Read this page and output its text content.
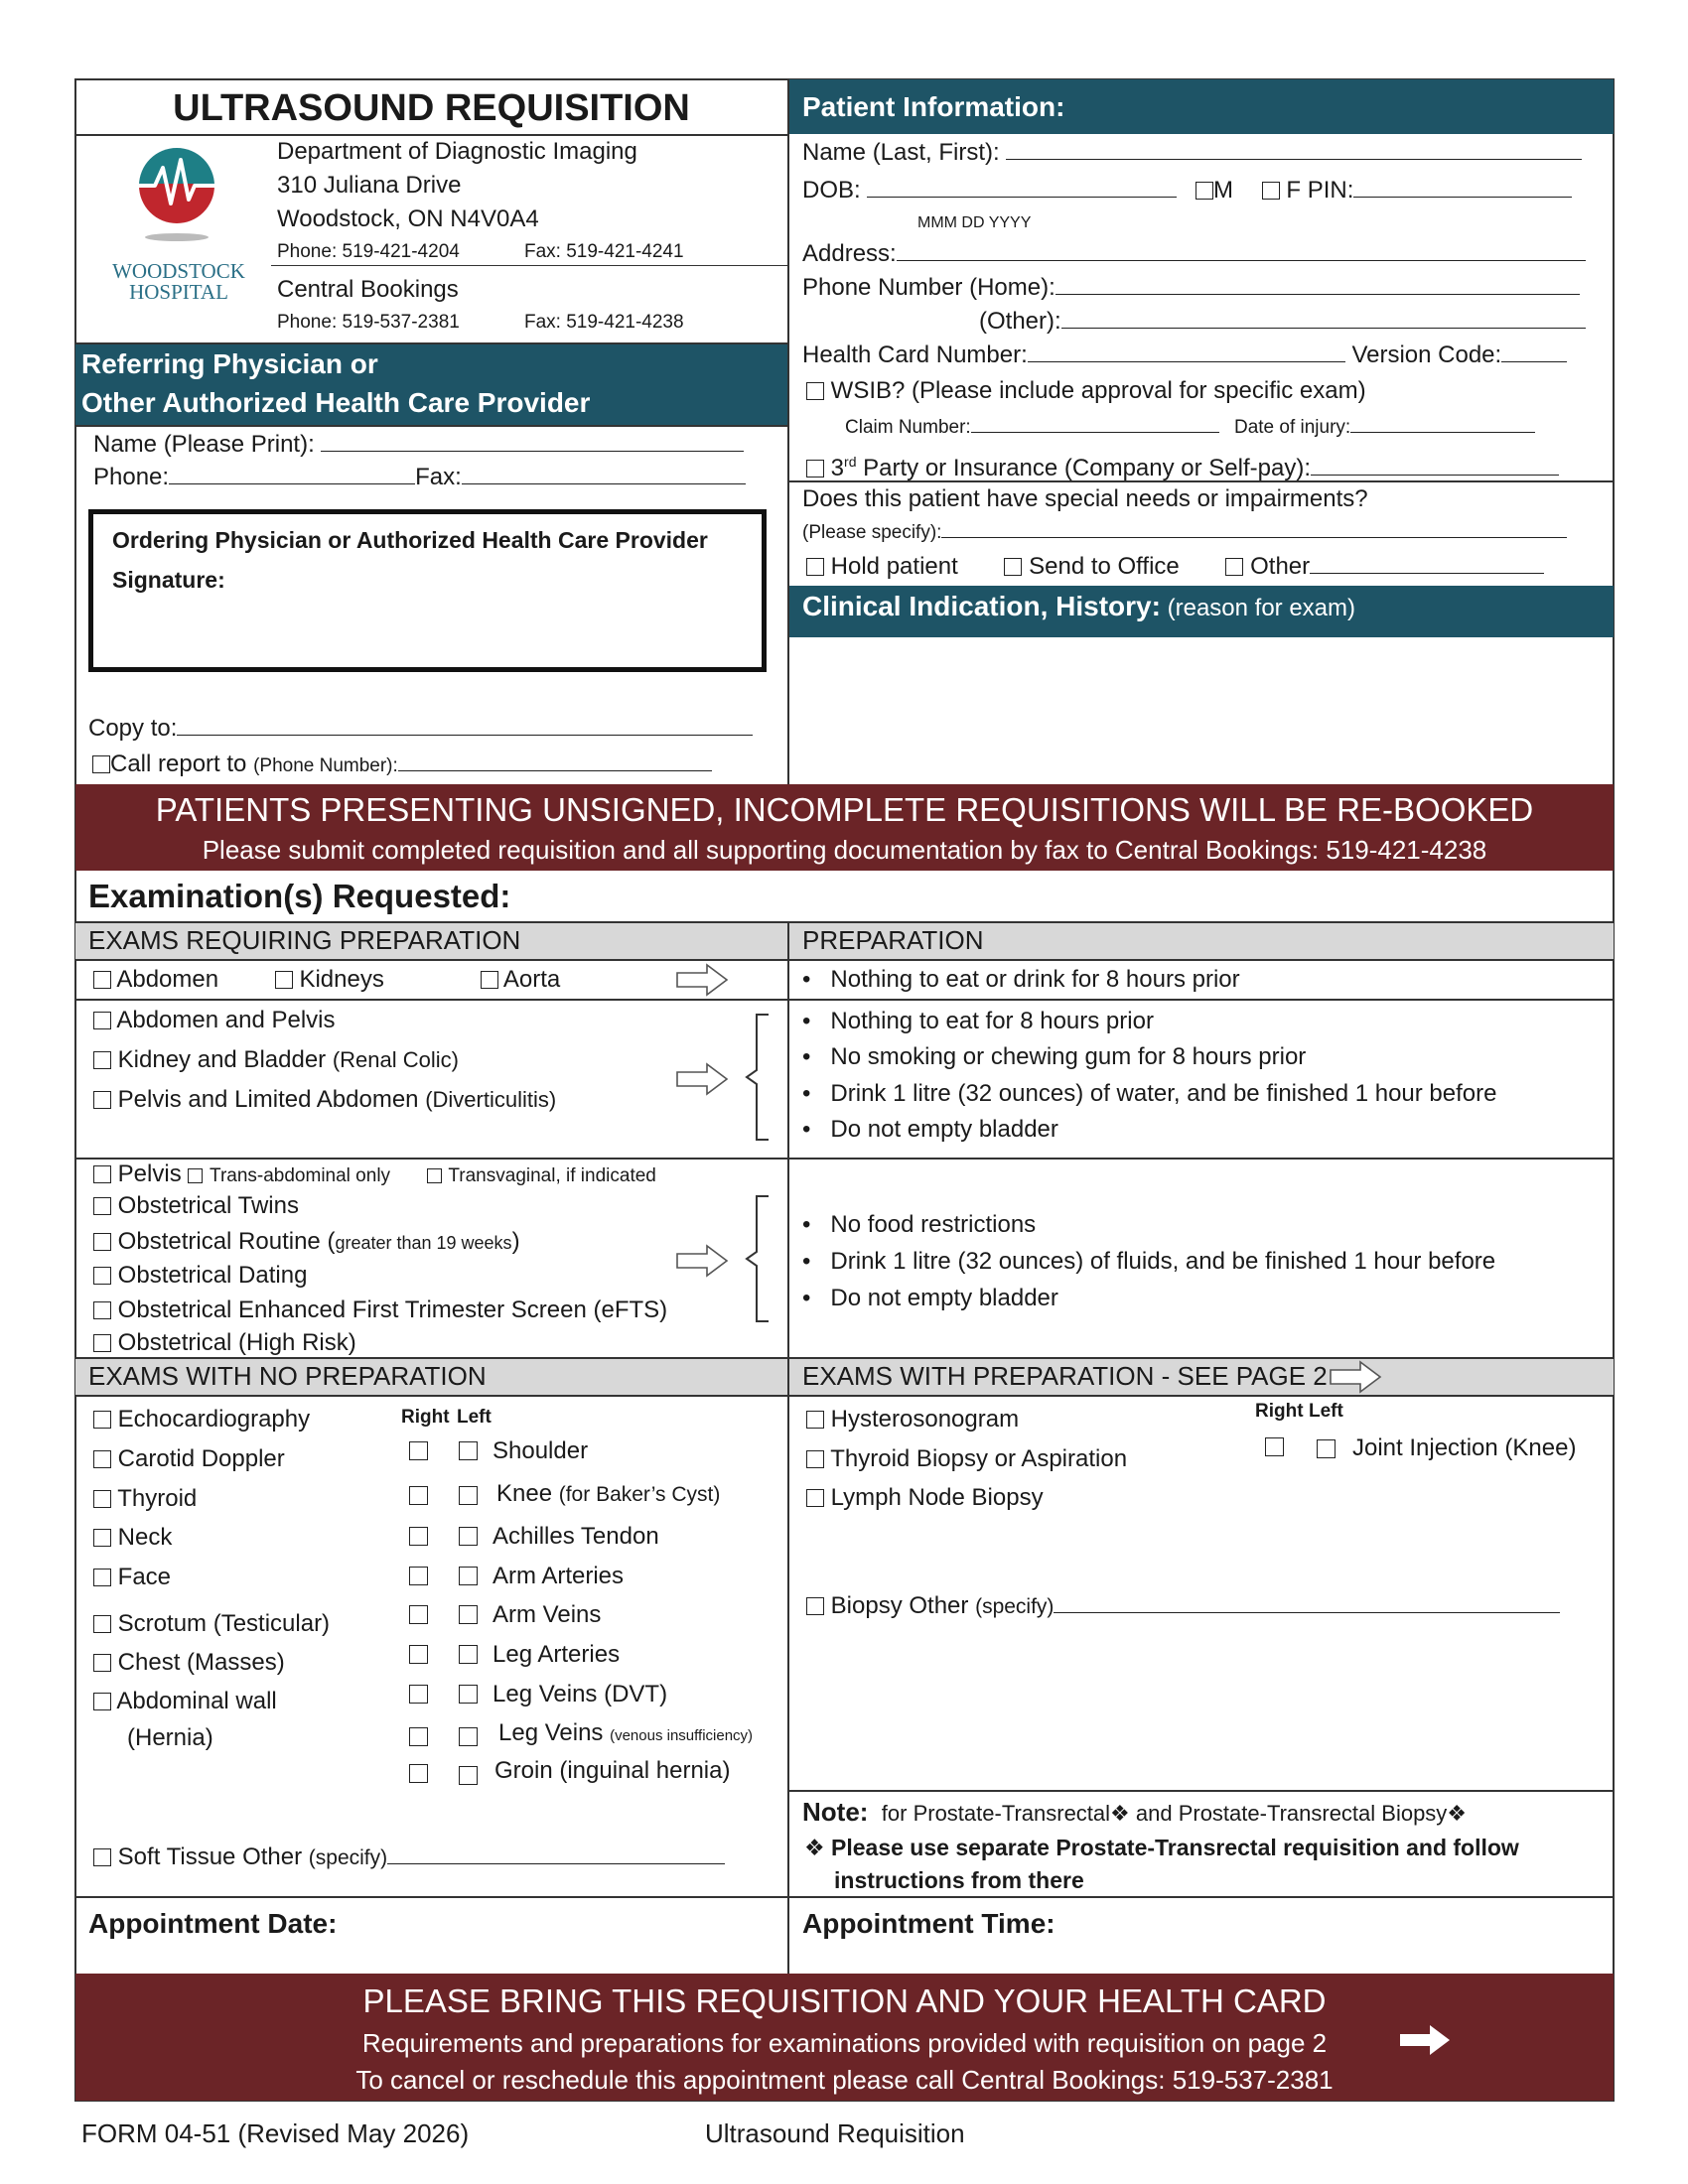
ULTRASOUND REQUISITION
WOODSTOCK
HOSPITAL
Department of Diagnostic Imaging
310 Juliana Drive
Woodstock, ON N4V0A4
Phone: 519-421-4204	Fax: 519-421-4241
Central Bookings
Phone: 519-537-2381	Fax: 519-421-4238
Referring Physician or
Other Authorized Health Care Provider
Name (Please Print):
Phone:	Fax:
Ordering Physician or Authorized Health Care Provider
Signature:
Copy to:
Call report to (Phone Number):
Patient Information:
Name (Last, First):
DOB:	M F PIN:
MMM DD YYYY
Address:
Phone Number (Home):
(Other):
Health Card Number:	Version Code:
WSIB? (Please include approval for specific exam)
Claim Number:	Date of injury:
3rd Party or Insurance (Company or Self-pay):
Does this patient have special needs or impairments?
(Please specify):
Hold patient	Send to Office	Other
Clinical Indication, History: (reason for exam)
PATIENTS PRESENTING UNSIGNED, INCOMPLETE REQUISITIONS WILL BE RE-BOOKED
Please submit completed requisition and all supporting documentation by fax to Central Bookings: 519-421-4238
Examination(s) Requested:
EXAMS REQUIRING PREPARATION	PREPARATION
Abdomen	Kidneys	Aorta	• Nothing to eat or drink for 8 hours prior
Abdomen and Pelvis
Kidney and Bladder (Renal Colic)
Pelvis and Limited Abdomen (Diverticulitis)
• Nothing to eat for 8 hours prior
• No smoking or chewing gum for 8 hours prior
• Drink 1 litre (32 ounces) of water, and be finished 1 hour before
• Do not empty bladder
Pelvis Trans-abdominal only	Transvaginal, if indicated
Obstetrical Twins
Obstetrical Routine (greater than 19 weeks)
Obstetrical Dating
Obstetrical Enhanced First Trimester Screen (eFTS)
Obstetrical (High Risk)
• No food restrictions
• Drink 1 litre (32 ounces) of fluids, and be finished 1 hour before
• Do not empty bladder
EXAMS WITH NO PREPARATION	EXAMS WITH PREPARATION - SEE PAGE 2
Echocardiography
Carotid Doppler
Thyroid
Neck
Face
Scrotum (Testicular)
Chest (Masses)
Abdominal wall
(Hernia)
Right Left
Shoulder
Knee (for Baker’s Cyst)
Achilles Tendon
Arm Arteries
Arm Veins
Leg Arteries
Leg Veins (DVT)
Leg Veins (venous insufficiency)
Groin (inguinal hernia)
Soft Tissue Other (specify)
Hysterosonogram
Thyroid Biopsy or Aspiration
Lymph Node Biopsy
Right Left
Joint Injection (Knee)
Biopsy Other (specify)
Note: for Prostate-Transrectal❖ and Prostate-Transrectal Biopsy❖
❖ Please use separate Prostate-Transrectal requisition and follow
instructions from there
Appointment Date:	Appointment Time:
PLEASE BRING THIS REQUISITION AND YOUR HEALTH CARD
Requirements and preparations for examinations provided with requisition on page 2
To cancel or reschedule this appointment please call Central Bookings: 519-537-2381
FORM 04-51 (Revised May 2026)	Ultrasound Requisition
